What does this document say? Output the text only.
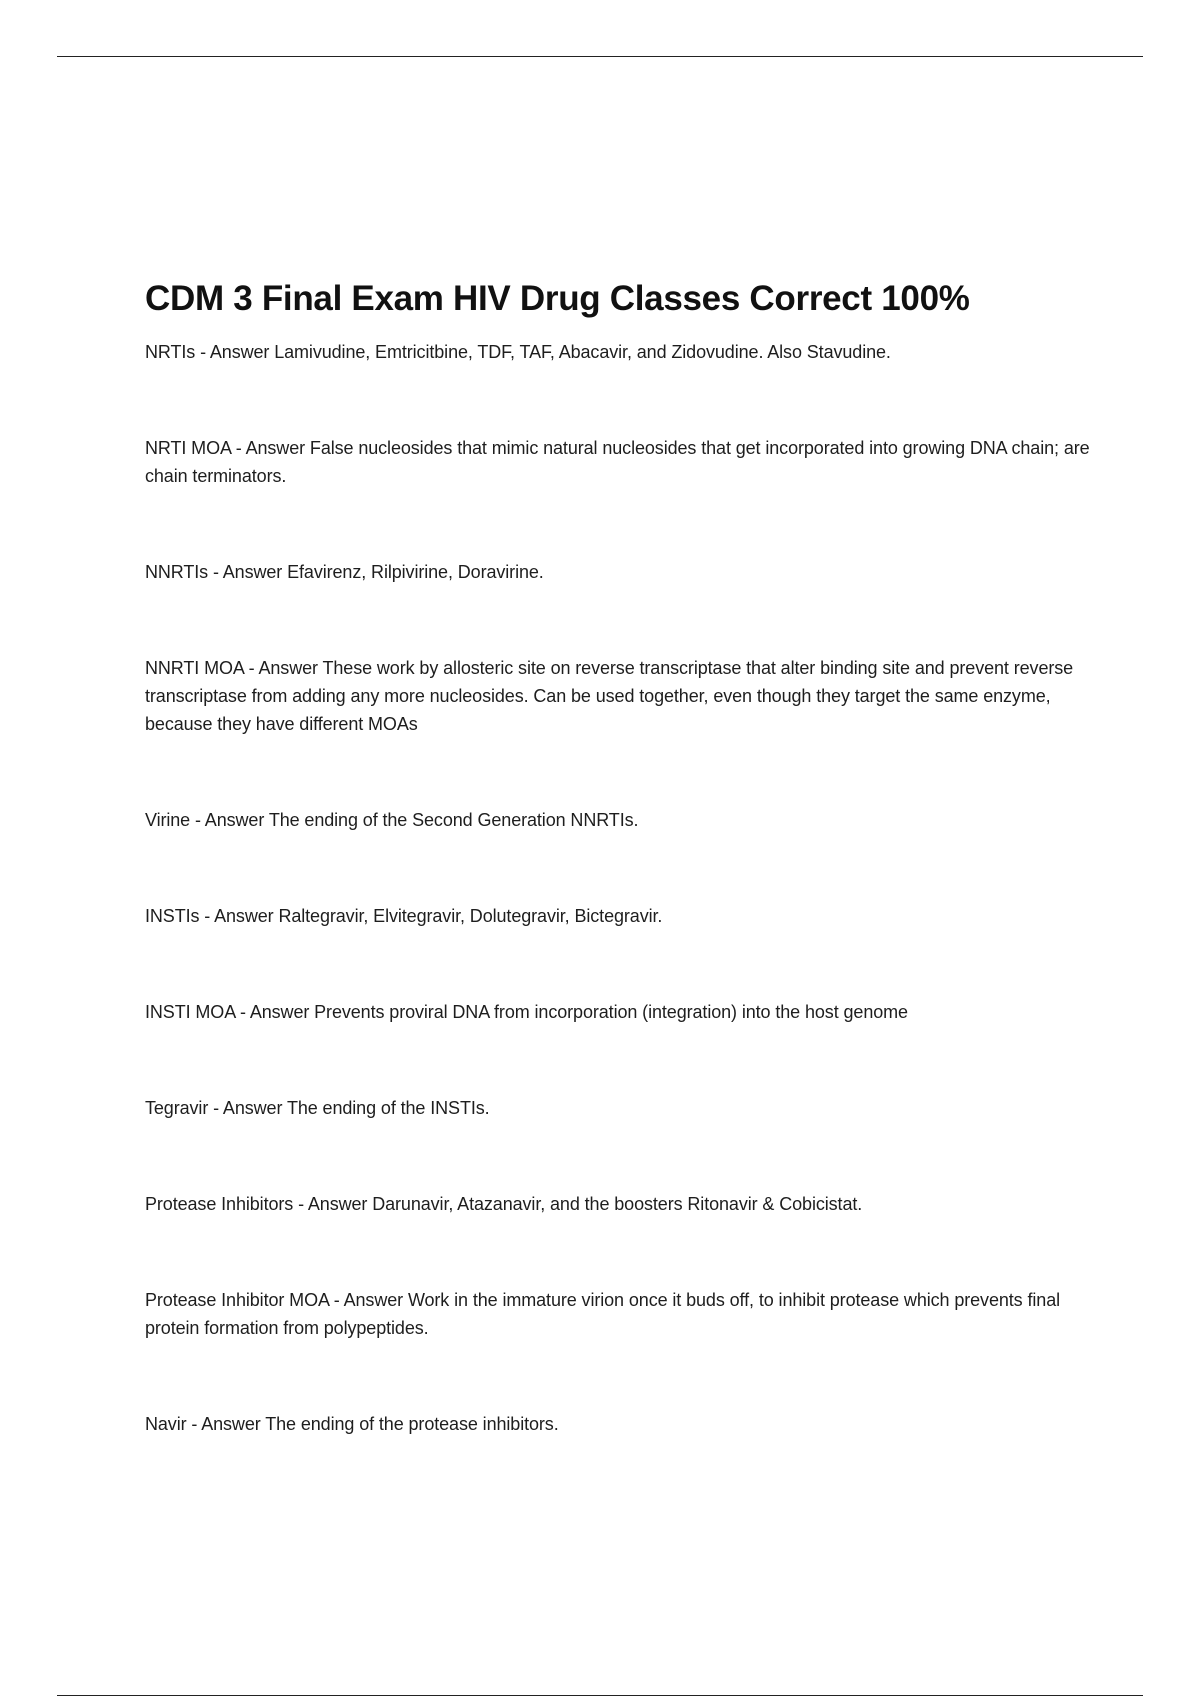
CDM 3 Final Exam HIV Drug Classes Correct 100%
NRTIs - Answer Lamivudine, Emtricitbine, TDF, TAF, Abacavir, and Zidovudine. Also Stavudine.
NRTI MOA - Answer False nucleosides that mimic natural nucleosides that get incorporated into growing DNA chain; are chain terminators.
NNRTIs - Answer Efavirenz, Rilpivirine, Doravirine.
NNRTI MOA - Answer These work by allosteric site on reverse transcriptase that alter binding site and prevent reverse transcriptase from adding any more nucleosides. Can be used together, even though they target the same enzyme, because they have different MOAs
Virine - Answer The ending of the Second Generation NNRTIs.
INSTIs - Answer Raltegravir, Elvitegravir, Dolutegravir, Bictegravir.
INSTI MOA - Answer Prevents proviral DNA from incorporation (integration) into the host genome
Tegravir - Answer The ending of the INSTIs.
Protease Inhibitors - Answer Darunavir, Atazanavir, and the boosters Ritonavir & Cobicistat.
Protease Inhibitor MOA - Answer Work in the immature virion once it buds off, to inhibit protease which prevents final protein formation from polypeptides.
Navir - Answer The ending of the protease inhibitors.
